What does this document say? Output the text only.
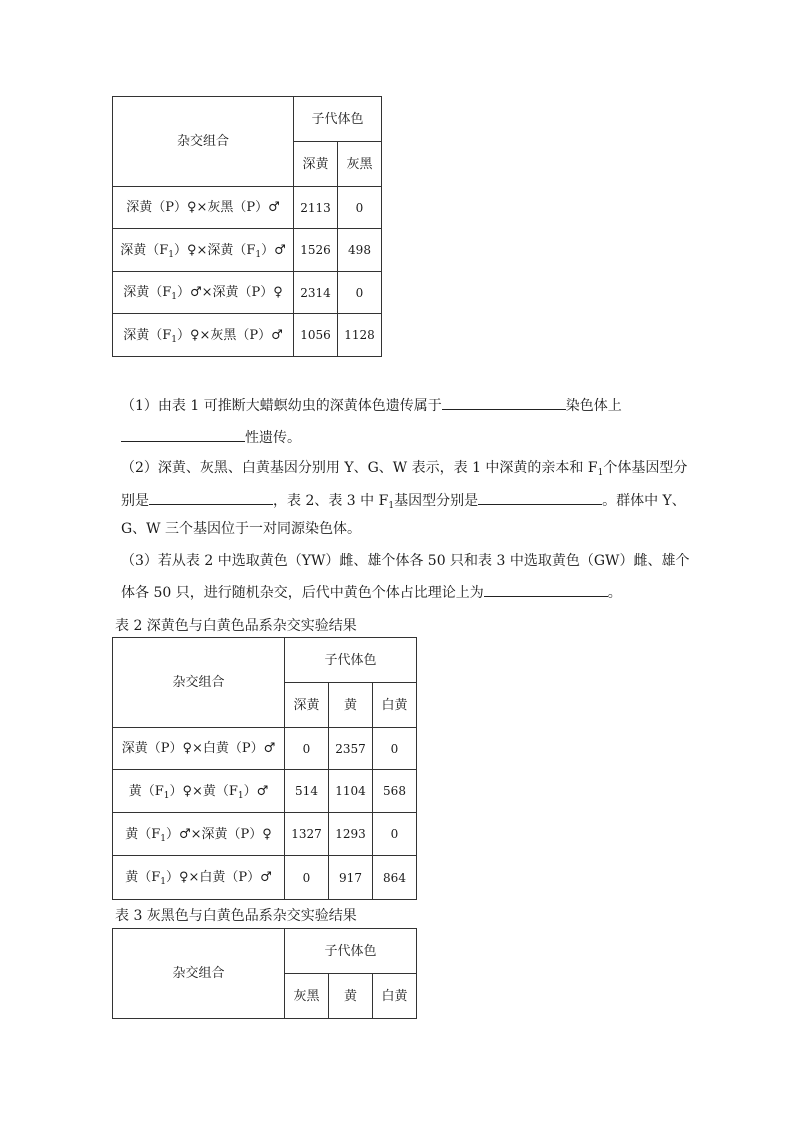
杂交组合	子代体色	
	深黄	灰黑
深黄（P）♀×灰黑（P）♂	2113	0
深黄$(F_1)♀\times$深黄$(F_1)♂$	1526	498
深黄$(F_1)♂\times$深黄（P）♀	2314	0
深黄$(F_1)♀\times$灰黑（P）♂	1056	1128
（1）由表 1 可推断大蜡螟幼虫的深黄体色遗传属于	染色体上
性遗传。
（2）深黄、灰黑、白黄基因分别用 Y、G、W 表示，表 1 中深黄的亲本和 $F_1$个体基因型分
别是	，表 2、表 3 中 $F_1$基因型分别是	。群体中 Y、
G、W 三个基因位于一对同源染色体。
（3）若从表 2 中选取黄色（YW）雌、雄个体各 50 只和表 3 中选取黄色（GW）雌、雄个
体各 50 只，进行随机杂交，后代中黄色个体占比理论上为	。
表 2 深黄色与白黄色品系杂交实验结果
杂交组合	子代体色		
	深黄	黄	白黄
深黄（P）♀×白黄（P）♂	0	2357	0
黄$(F_1)♀\times$黄$(F_1)♂$	514	1104	568
黄$(F_1)♂\times$深黄（P）♀	1327	1293	0
黄$(F_1)♀\times$白黄（P）♂	0	917	864
表 3 灰黑色与白黄色品系杂交实验结果
杂交组合	子代体色		
	灰黑	黄	白黄
